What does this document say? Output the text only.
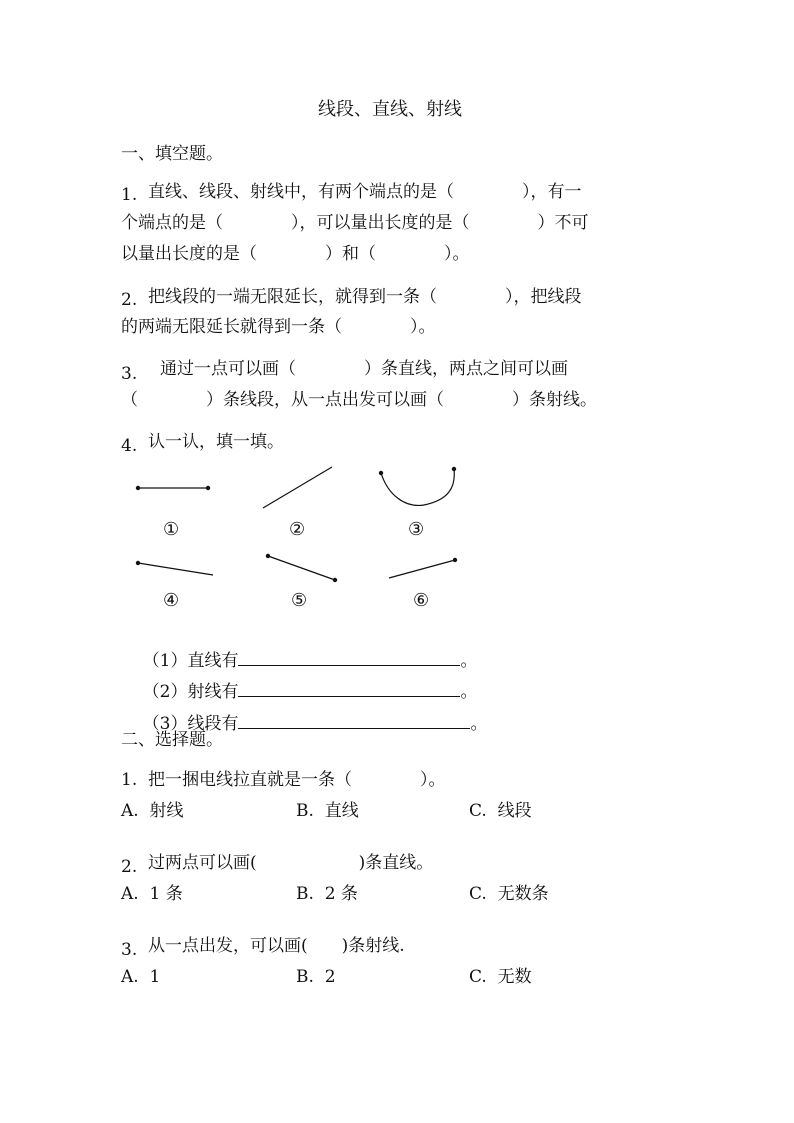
线段、直线、射线
一、填空题。
1. 直线、线段、射线中，有两个端点的是（　　　　），有一
个端点的是（　　　　），可以量出长度的是（　　　　）不可
以量出长度的是（　　　　）和（　　　　）。
2. 把线段的一端无限延长，就得到一条（　　　　），把线段
的两端无限延长就得到一条（　　　　）。
3. 通过一点可以画（　　　　）条直线，两点之间可以画
（　　　　）条线段，从一点出发可以画（　　　　）条射线。
4. 认一认，填一填。
①	②	③
④	⑤	⑥

（1）直线有	。

（2）射线有	。

（3）线段有	。

二、选择题。
1. 把一捆电线拉直就是一条（　　　　）。
A.  射线	B.  直线	C.  线段
2. 过两点可以画(　　　　　　)条直线。
A.  1 条	B.  2 条	C.  无数条
3. 从一点出发，可以画(　　)条射线.
A.  1	B.  2	C.  无数
